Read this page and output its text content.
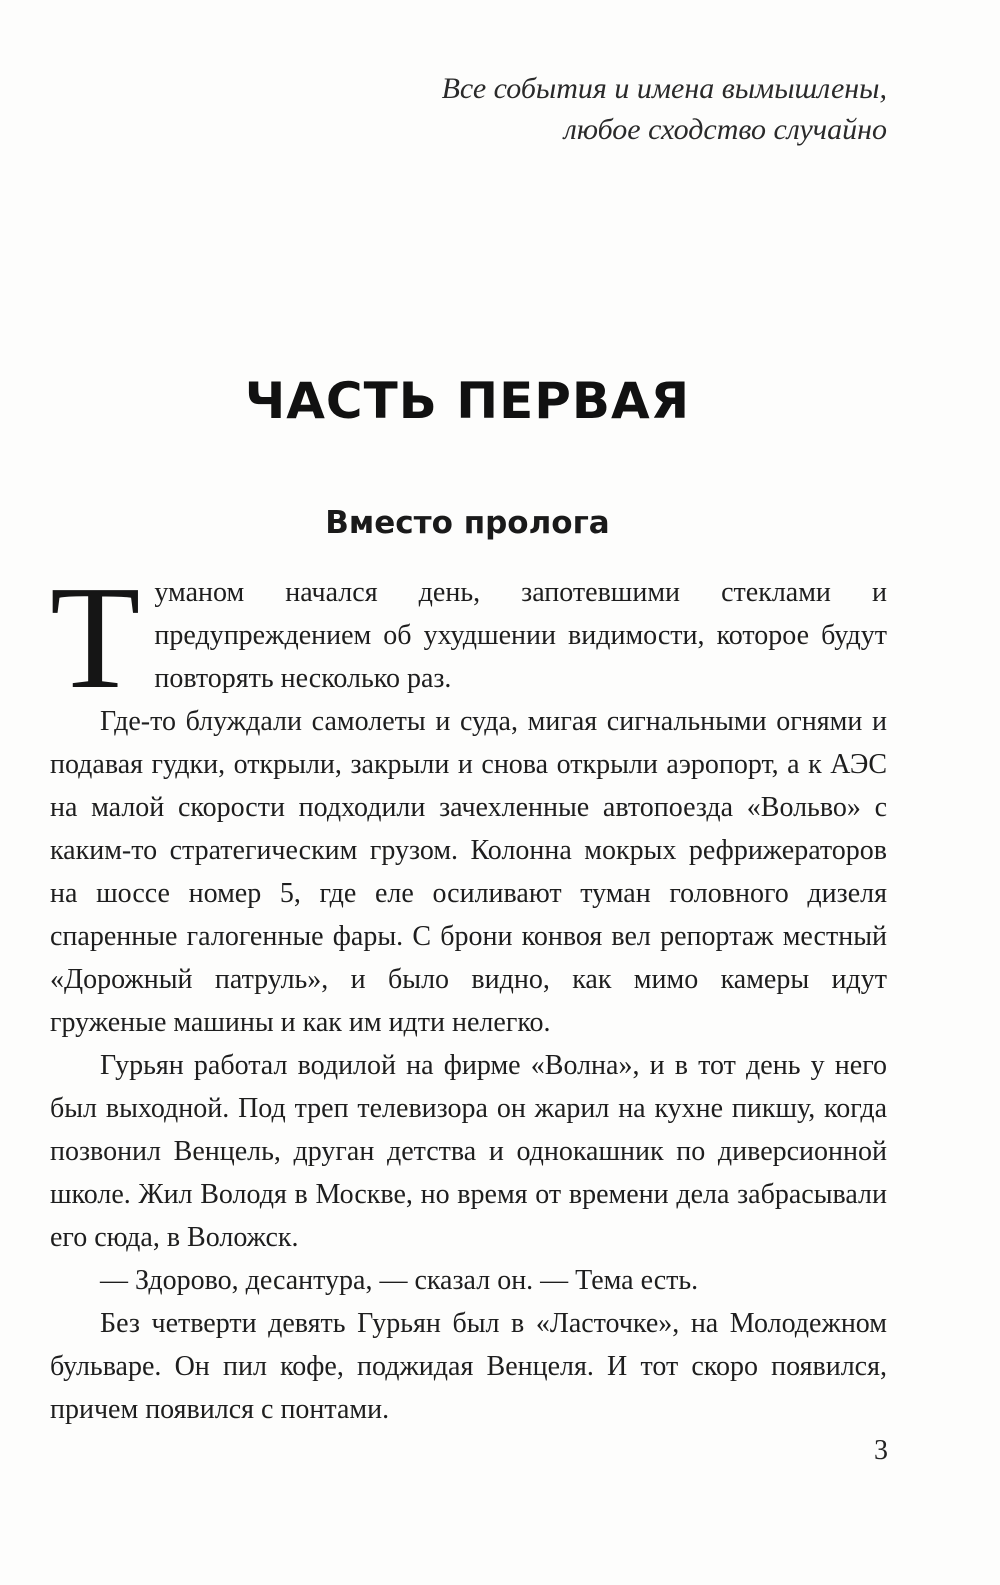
Все события и имена вымышлены,
любое сходство случайно
ЧАСТЬ ПЕРВАЯ
Вместо пролога

Туманом начался день, запотевшими стеклами и предупреждением об ухудшении видимости, которое будут повторять несколько раз.

Где-то блуждали самолеты и суда, мигая сигнальными огнями и подавая гудки, открыли, закрыли и снова открыли аэропорт, а к АЭС на малой скорости подходили зачехленные автопоезда «Вольво» с каким-то стратегическим грузом. Колонна мокрых рефрижераторов на шоссе номер 5, где еле осиливают туман головного дизеля спаренные галогенные фары. С брони конвоя вел репортаж местный «Дорожный патруль», и было видно, как мимо камеры идут груженые машины и как им идти нелегко.

Гурьян работал водилой на фирме «Волна», и в тот день у него был выходной. Под треп телевизора он жарил на кухне пикшу, когда позвонил Венцель, друган детства и однокашник по диверсионной школе. Жил Володя в Москве, но время от времени дела забрасывали его сюда, в Воложск.

— Здорово, десантура, — сказал он. — Тема есть.

Без четверти девять Гурьян был в «Ласточке», на Молодежном бульваре. Он пил кофе, поджидая Венцеля. И тот скоро появился, причем появился с понтами.

3
